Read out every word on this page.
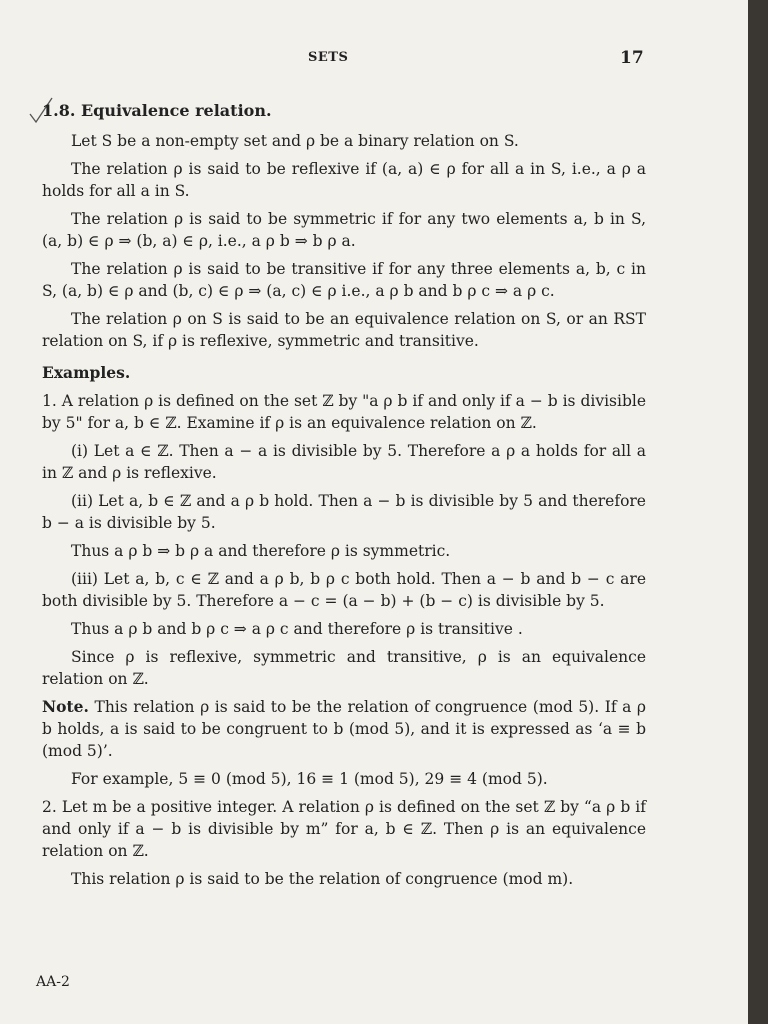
SETS	17

1.8. Equivalence relation.

Let S be a non-empty set and ρ be a binary relation on S.

The relation ρ is said to be reflexive if (a, a) ∈ ρ for all a in S, i.e., a ρ a holds for all a in S.

The relation ρ is said to be symmetric if for any two elements a, b in S, (a, b) ∈ ρ ⇒ (b, a) ∈ ρ, i.e., a ρ b ⇒ b ρ a.

The relation ρ is said to be transitive if for any three elements a, b, c in S, (a, b) ∈ ρ and (b, c) ∈ ρ ⇒ (a, c) ∈ ρ i.e., a ρ b and b ρ c ⇒ a ρ c.

The relation ρ on S is said to be an equivalence relation on S, or an RST relation on S, if ρ is reflexive, symmetric and transitive.

Examples.

1. A relation ρ is defined on the set ℤ by "a ρ b if and only if a − b is divisible by 5" for a, b ∈ ℤ. Examine if ρ is an equivalence relation on ℤ.

(i) Let a ∈ ℤ. Then a − a is divisible by 5. Therefore a ρ a holds for all a in ℤ and ρ is reflexive.

(ii) Let a, b ∈ ℤ and a ρ b hold. Then a − b is divisible by 5 and therefore b − a is divisible by 5.

Thus a ρ b ⇒ b ρ a and therefore ρ is symmetric.

(iii) Let a, b, c ∈ ℤ and a ρ b, b ρ c both hold. Then a − b and b − c are both divisible by 5. Therefore a − c = (a − b) + (b − c) is divisible by 5.

Thus a ρ b and b ρ c ⇒ a ρ c and therefore ρ is transitive .

Since ρ is reflexive, symmetric and transitive, ρ is an equivalence relation on ℤ.

Note. This relation ρ is said to be the relation of congruence (mod 5). If a ρ b holds, a is said to be congruent to b (mod 5), and it is expressed as ‘a ≡ b (mod 5)’.

For example, 5 ≡ 0 (mod 5), 16 ≡ 1 (mod 5), 29 ≡ 4 (mod 5).

2. Let m be a positive integer. A relation ρ is defined on the set ℤ by “a ρ b if and only if a − b is divisible by m” for a, b ∈ ℤ. Then ρ is an equivalence relation on ℤ.

This relation ρ is said to be the relation of congruence (mod m).

AA-2
